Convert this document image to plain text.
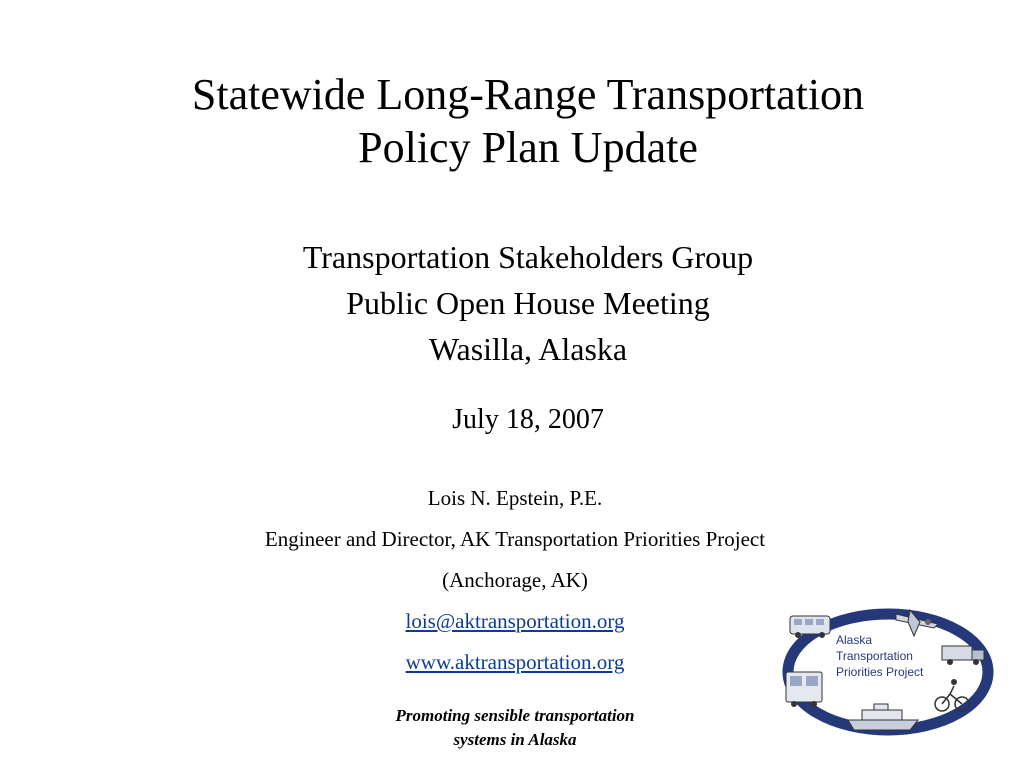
Statewide Long-Range Transportation
Policy Plan Update
Transportation Stakeholders Group
Public Open House Meeting
Wasilla, Alaska
July 18, 2007
Lois N. Epstein, P.E.
Engineer and Director, AK Transportation Priorities Project
(Anchorage, AK)
lois@aktransportation.org
www.aktransportation.org
Promoting sensible transportation
systems in Alaska
Alaska
Transportation
Priorities Project
